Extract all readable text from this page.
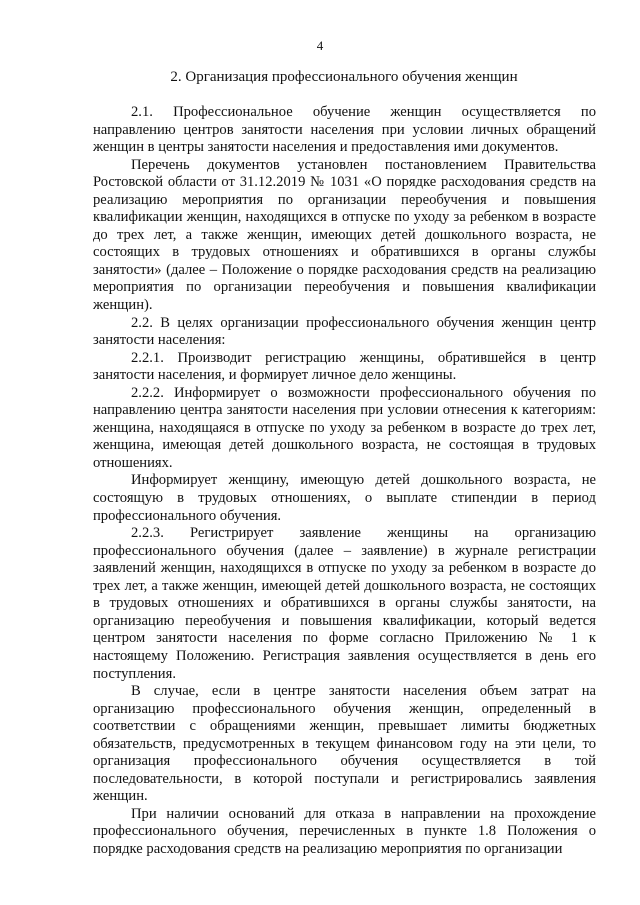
4
2. Организация профессионального обучения женщин

2.1. Профессиональное обучение женщин осуществляется по направлению центров занятости населения при условии личных обращений женщин в центры занятости населения и предоставления ими документов.

Перечень документов установлен постановлением Правительства Ростовской области от 31.12.2019 № 1031 «О порядке расходования средств на реализацию мероприятия по организации переобучения и повышения квалификации женщин, находящихся в отпуске по уходу за ребенком в возрасте до трех лет, а также женщин, имеющих детей дошкольного возраста, не состоящих в трудовых отношениях и обратившихся в органы службы занятости» (далее – Положение о порядке расходования средств на реализацию мероприятия по организации переобучения и повышения квалификации женщин).

2.2. В целях организации профессионального обучения женщин центр занятости населения:

2.2.1. Производит регистрацию женщины, обратившейся в центр занятости населения, и формирует личное дело женщины.

2.2.2. Информирует о возможности профессионального обучения по направлению центра занятости населения при условии отнесения к категориям: женщина, находящаяся в отпуске по уходу за ребенком в возрасте до трех лет, женщина, имеющая детей дошкольного возраста, не состоящая в трудовых отношениях.

Информирует женщину, имеющую детей дошкольного возраста, не состоящую в трудовых отношениях, о выплате стипендии в период профессионального обучения.

2.2.3. Регистрирует заявление женщины на организацию профессионального обучения (далее – заявление) в журнале регистрации заявлений женщин, находящихся в отпуске по уходу за ребенком в возрасте до трех лет, а также женщин, имеющей детей дошкольного возраста, не состоящих в трудовых отношениях и обратившихся в органы службы занятости, на организацию переобучения и повышения квалификации, который ведется центром занятости населения по форме согласно Приложению № 1 к настоящему Положению. Регистрация заявления осуществляется в день его поступления.

В случае, если в центре занятости населения объем затрат на организацию профессионального обучения женщин, определенный в соответствии с обращениями женщин, превышает лимиты бюджетных обязательств, предусмотренных в текущем финансовом году на эти цели, то организация профессионального обучения осуществляется в той последовательности, в которой поступали и регистрировались заявления женщин.

При наличии оснований для отказа в направлении на прохождение профессионального обучения, перечисленных в пункте 1.8 Положения о порядке расходования средств на реализацию мероприятия по организации
